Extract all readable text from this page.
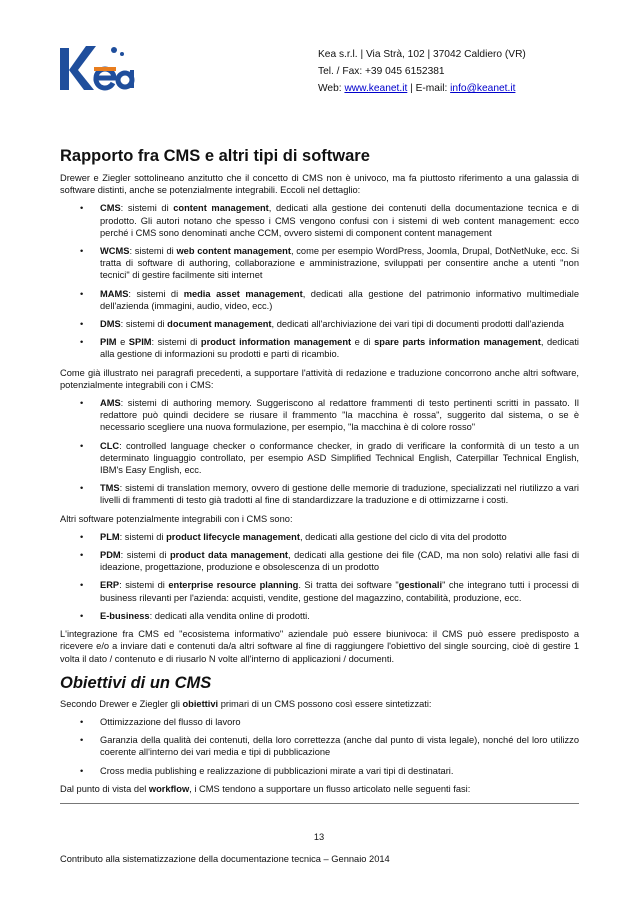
Kea s.r.l. | Via Strà, 102 | 37042 Caldiero (VR)
Tel. / Fax: +39 045 6152381
Web: www.keanet.it | E-mail: info@keanet.it
Rapporto fra CMS e altri tipi di software

Drewer e Ziegler sottolineano anzitutto che il concetto di CMS non è univoco, ma fa piuttosto riferimento a una galassia di software distinti, anche se potenzialmente integrabili. Eccoli nel dettaglio:

• CMS: sistemi di content management, dedicati alla gestione dei contenuti della documentazione tecnica e di prodotto. Gli autori notano che spesso i CMS vengono confusi con i sistemi di web content management: ecco perché i CMS sono denominati anche CCM, ovvero sistemi di component content management
• WCMS: sistemi di web content management, come per esempio WordPress, Joomla, Drupal, DotNetNuke, ecc. Si tratta di software di authoring, collaborazione e amministrazione, sviluppati per consentire anche a utenti "non tecnici" di gestire facilmente siti internet
• MAMS: sistemi di media asset management, dedicati alla gestione del patrimonio informativo multimediale dell'azienda (immagini, audio, video, ecc.)
• DMS: sistemi di document management, dedicati all'archiviazione dei vari tipi di documenti prodotti dall'azienda
• PIM e SPIM: sistemi di product information management e di spare parts information management, dedicati alla gestione di informazioni su prodotti e parti di ricambio.

Come già illustrato nei paragrafi precedenti, a supportare l'attività di redazione e traduzione concorrono anche altri software, potenzialmente integrabili con i CMS:

• AMS: sistemi di authoring memory. Suggeriscono al redattore frammenti di testo pertinenti scritti in passato. Il redattore può quindi decidere se riusare il frammento "la macchina è rossa", suggerito dal sistema, o se è necessario scegliere una nuova formulazione, per esempio, "la macchina è di colore rosso"
• CLC: controlled language checker o conformance checker, in grado di verificare la conformità di un testo a un determinato linguaggio controllato, per esempio ASD Simplified Technical English, Caterpillar Technical English, IBM's Easy English, ecc.
• TMS: sistemi di translation memory, ovvero di gestione delle memorie di traduzione, specializzati nel riutilizzo a vari livelli di frammenti di testo già tradotti al fine di standardizzare la traduzione e di ottimizzarne i costi.

Altri software potenzialmente integrabili con i CMS sono:

• PLM: sistemi di product lifecycle management, dedicati alla gestione del ciclo di vita del prodotto
• PDM: sistemi di product data management, dedicati alla gestione dei file (CAD, ma non solo) relativi alle fasi di ideazione, progettazione, produzione e obsolescenza di un prodotto
• ERP: sistemi di enterprise resource planning. Si tratta dei software "gestionali" che integrano tutti i processi di business rilevanti per l'azienda: acquisti, vendite, gestione del magazzino, contabilità, produzione, ecc.
• E-business: dedicati alla vendita online di prodotti.

L'integrazione fra CMS ed "ecosistema informativo" aziendale può essere biunivoca: il CMS può essere predisposto a ricevere e/o a inviare dati e contenuti da/a altri software al fine di raggiungere l'obiettivo del single sourcing, cioè di gestire 1 volta il dato / contenuto e di riusarlo N volte all'interno di applicazioni / documenti.

Obiettivi di un CMS

Secondo Drewer e Ziegler gli obiettivi primari di un CMS possono così essere sintetizzati:

• Ottimizzazione del flusso di lavoro
• Garanzia della qualità dei contenuti, della loro correttezza (anche dal punto di vista legale), nonché del loro utilizzo coerente all'interno dei vari media e tipi di pubblicazione
• Cross media publishing e realizzazione di pubblicazioni mirate a vari tipi di destinatari.

Dal punto di vista del workflow, i CMS tendono a supportare un flusso articolato nelle seguenti fasi:

13
Contributo alla sistematizzazione della documentazione tecnica – Gennaio 2014
